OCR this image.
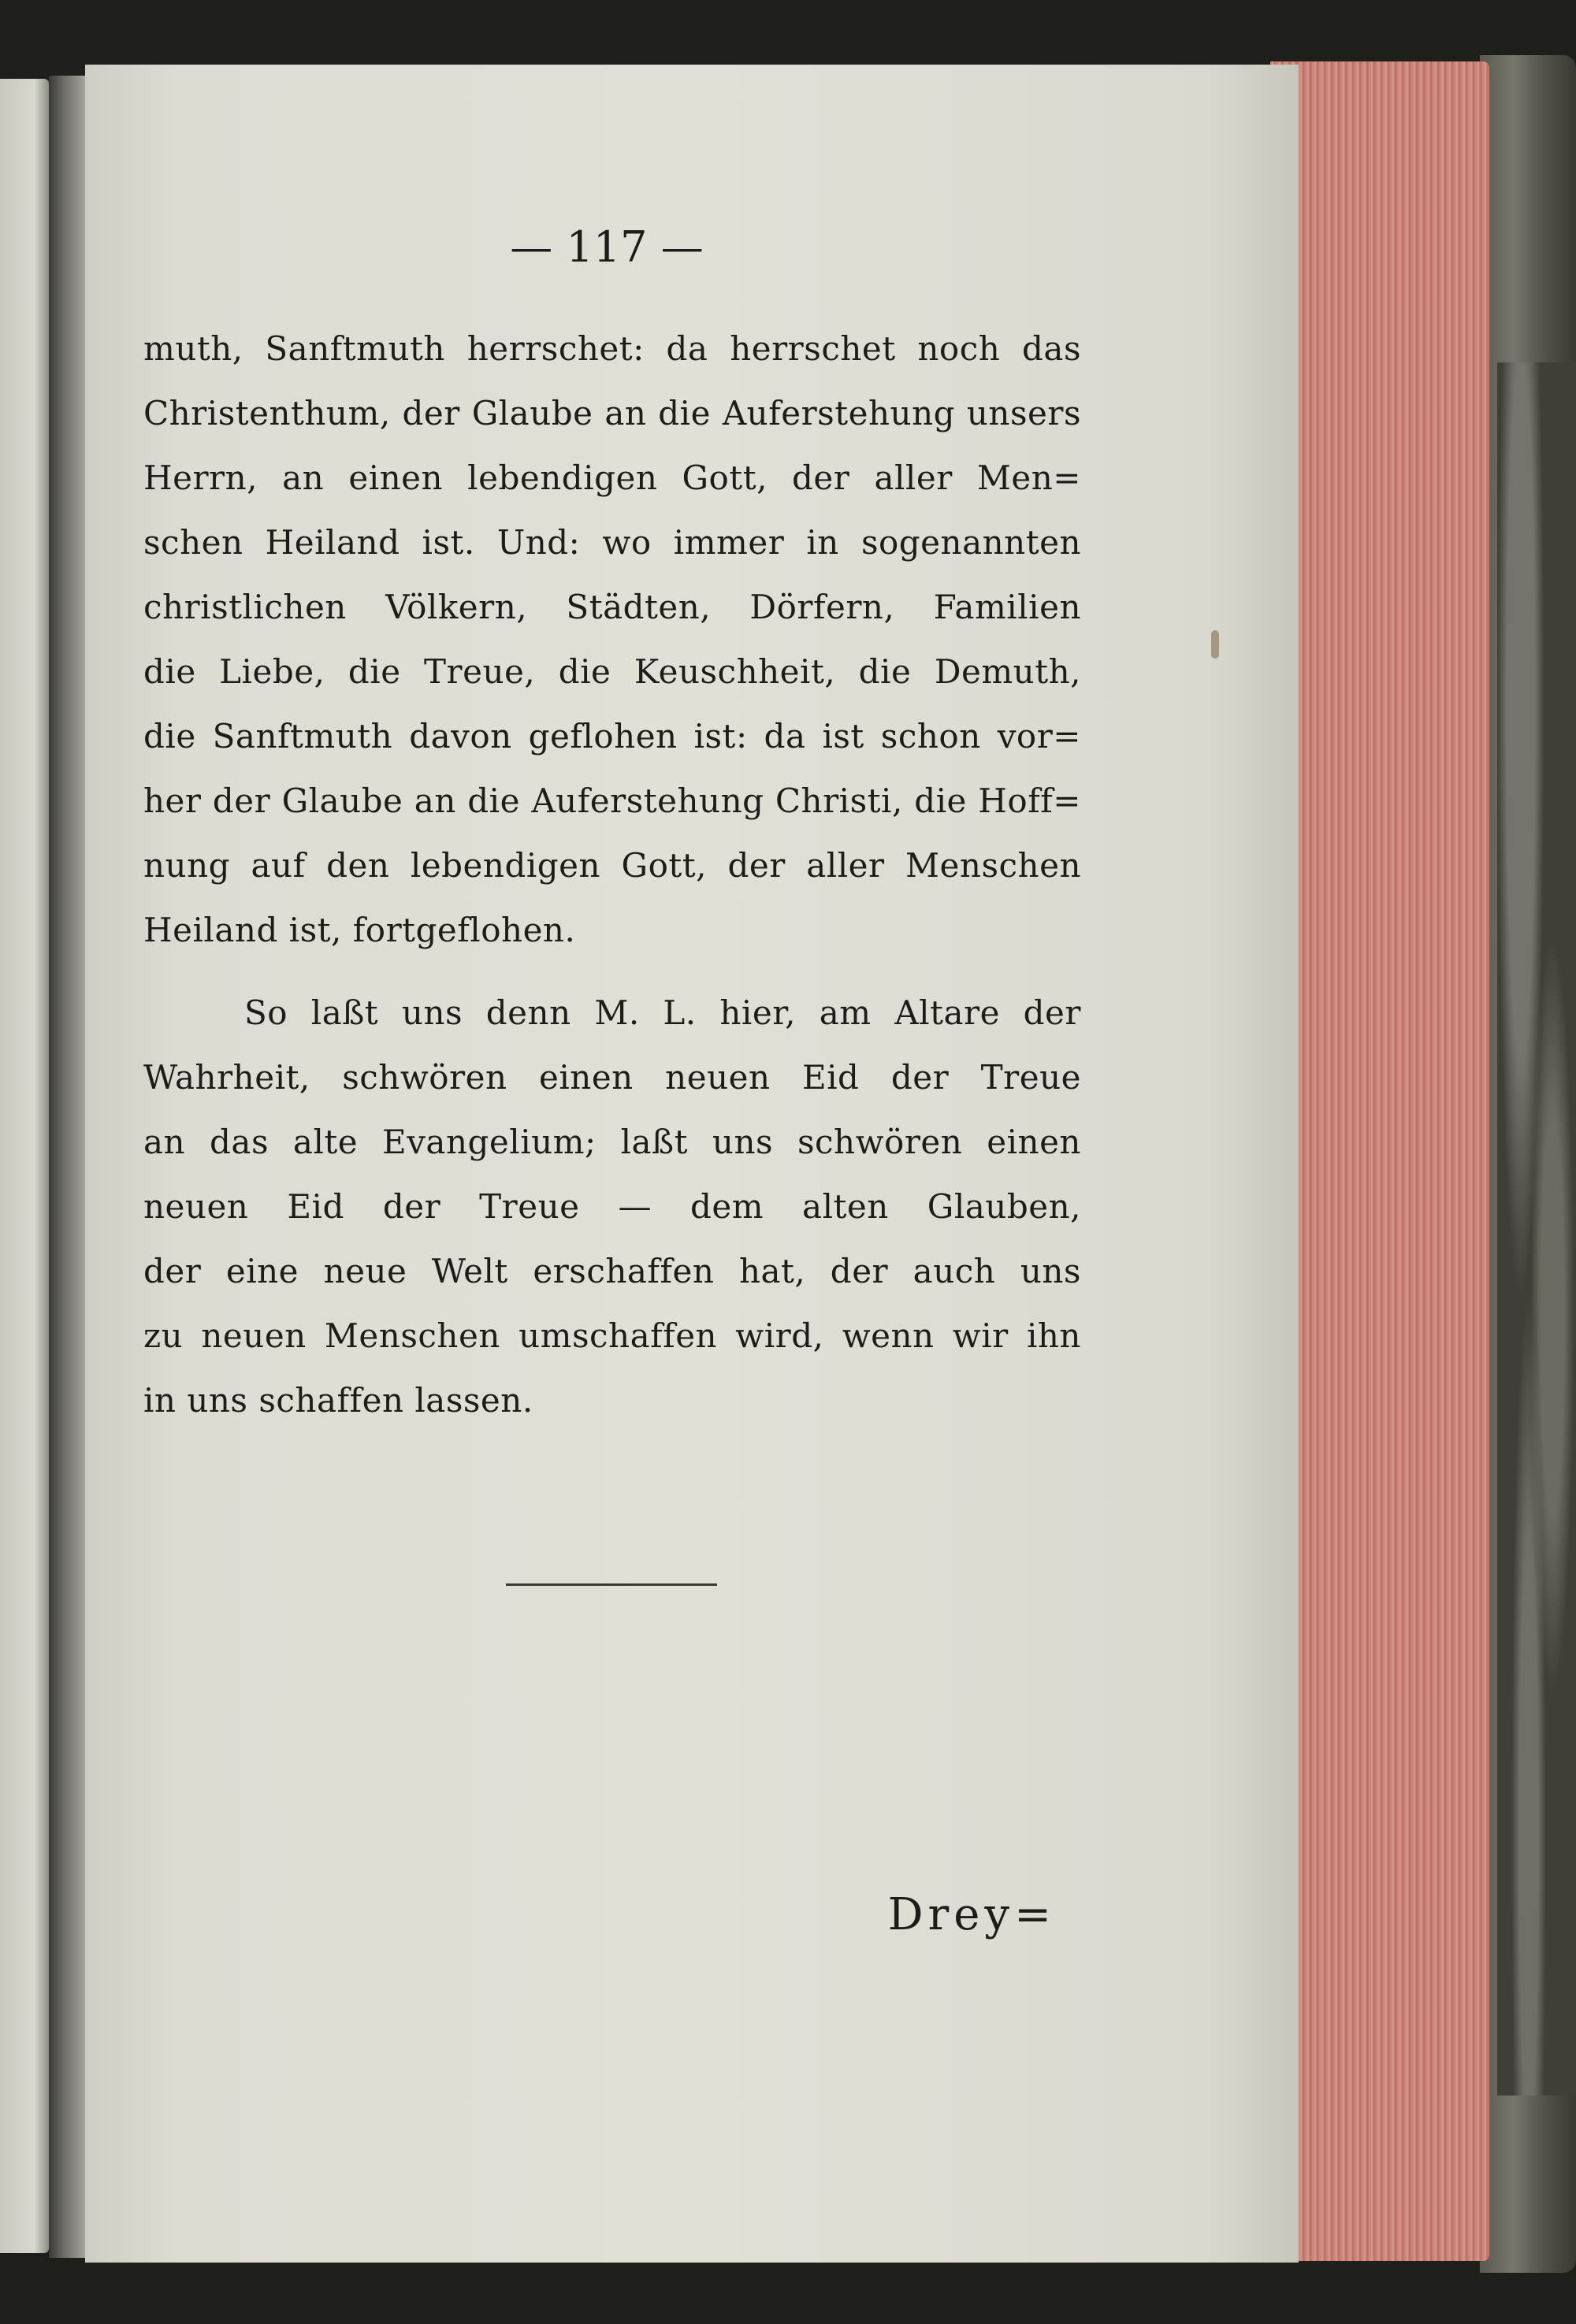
— 117 —
muth, Sanftmuth herrschet: da herrschet noch das
Christenthum, der Glaube an die Auferstehung unsers
Herrn, an einen lebendigen Gott, der aller Men=
schen Heiland ist. Und: wo immer in sogenannten
christlichen Völkern, Städten, Dörfern, Familien
die Liebe, die Treue, die Keuschheit, die Demuth,
die Sanftmuth davon geflohen ist: da ist schon vor=
her der Glaube an die Auferstehung Christi, die Hoff=
nung auf den lebendigen Gott, der aller Menschen
Heiland ist, fortgeflohen.
So laßt uns denn M. L. hier, am Altare der
Wahrheit, schwören einen neuen Eid der Treue
an das alte Evangelium; laßt uns schwören einen
neuen Eid der Treue — dem alten Glauben,
der eine neue Welt erschaffen hat, der auch uns
zu neuen Menschen umschaffen wird, wenn wir ihn
in uns schaffen lassen.
Drey=
